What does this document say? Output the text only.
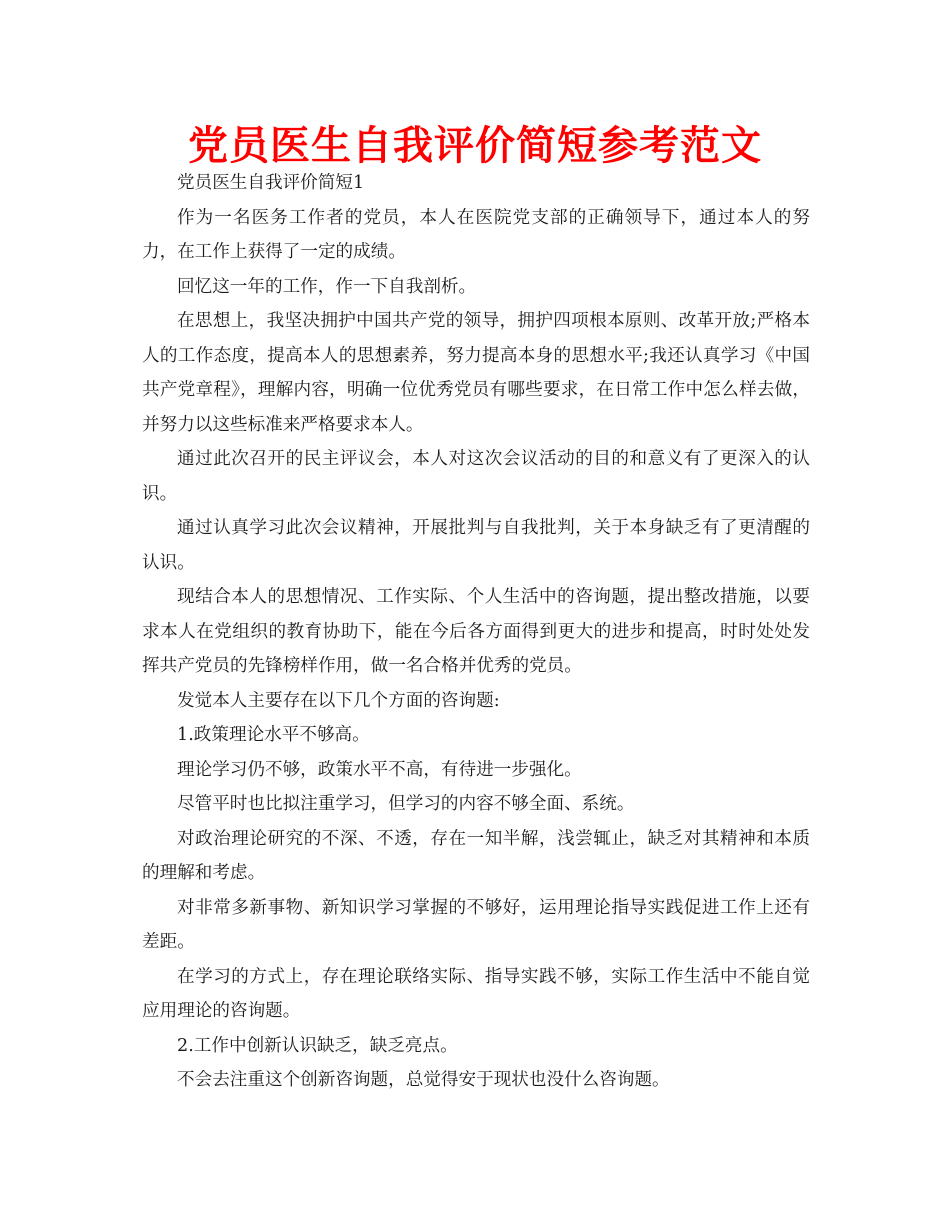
党员医生自我评价简短参考范文

党员医生自我评价简短1

作为一名医务工作者的党员，本人在医院党支部的正确领导下，通过本人的努力，在工作上获得了一定的成绩。

回忆这一年的工作，作一下自我剖析。

在思想上，我坚决拥护中国共产党的领导，拥护四项根本原则、改革开放;严格本人的工作态度，提高本人的思想素养，努力提高本身的思想水平;我还认真学习《中国共产党章程》，理解内容，明确一位优秀党员有哪些要求，在日常工作中怎么样去做，并努力以这些标准来严格要求本人。

通过此次召开的民主评议会，本人对这次会议活动的目的和意义有了更深入的认识。

通过认真学习此次会议精神，开展批判与自我批判，关于本身缺乏有了更清醒的认识。

现结合本人的思想情况、工作实际、个人生活中的咨询题，提出整改措施，以要求本人在党组织的教育协助下，能在今后各方面得到更大的进步和提高，时时处处发挥共产党员的先锋榜样作用，做一名合格并优秀的党员。

发觉本人主要存在以下几个方面的咨询题:

1.政策理论水平不够高。

理论学习仍不够，政策水平不高，有待进一步强化。

尽管平时也比拟注重学习，但学习的内容不够全面、系统。

对政治理论研究的不深、不透，存在一知半解，浅尝辄止，缺乏对其精神和本质的理解和考虑。

对非常多新事物、新知识学习掌握的不够好，运用理论指导实践促进工作上还有差距。

在学习的方式上，存在理论联络实际、指导实践不够，实际工作生活中不能自觉应用理论的咨询题。

2.工作中创新认识缺乏，缺乏亮点。

不会去注重这个创新咨询题，总觉得安于现状也没什么咨询题。
